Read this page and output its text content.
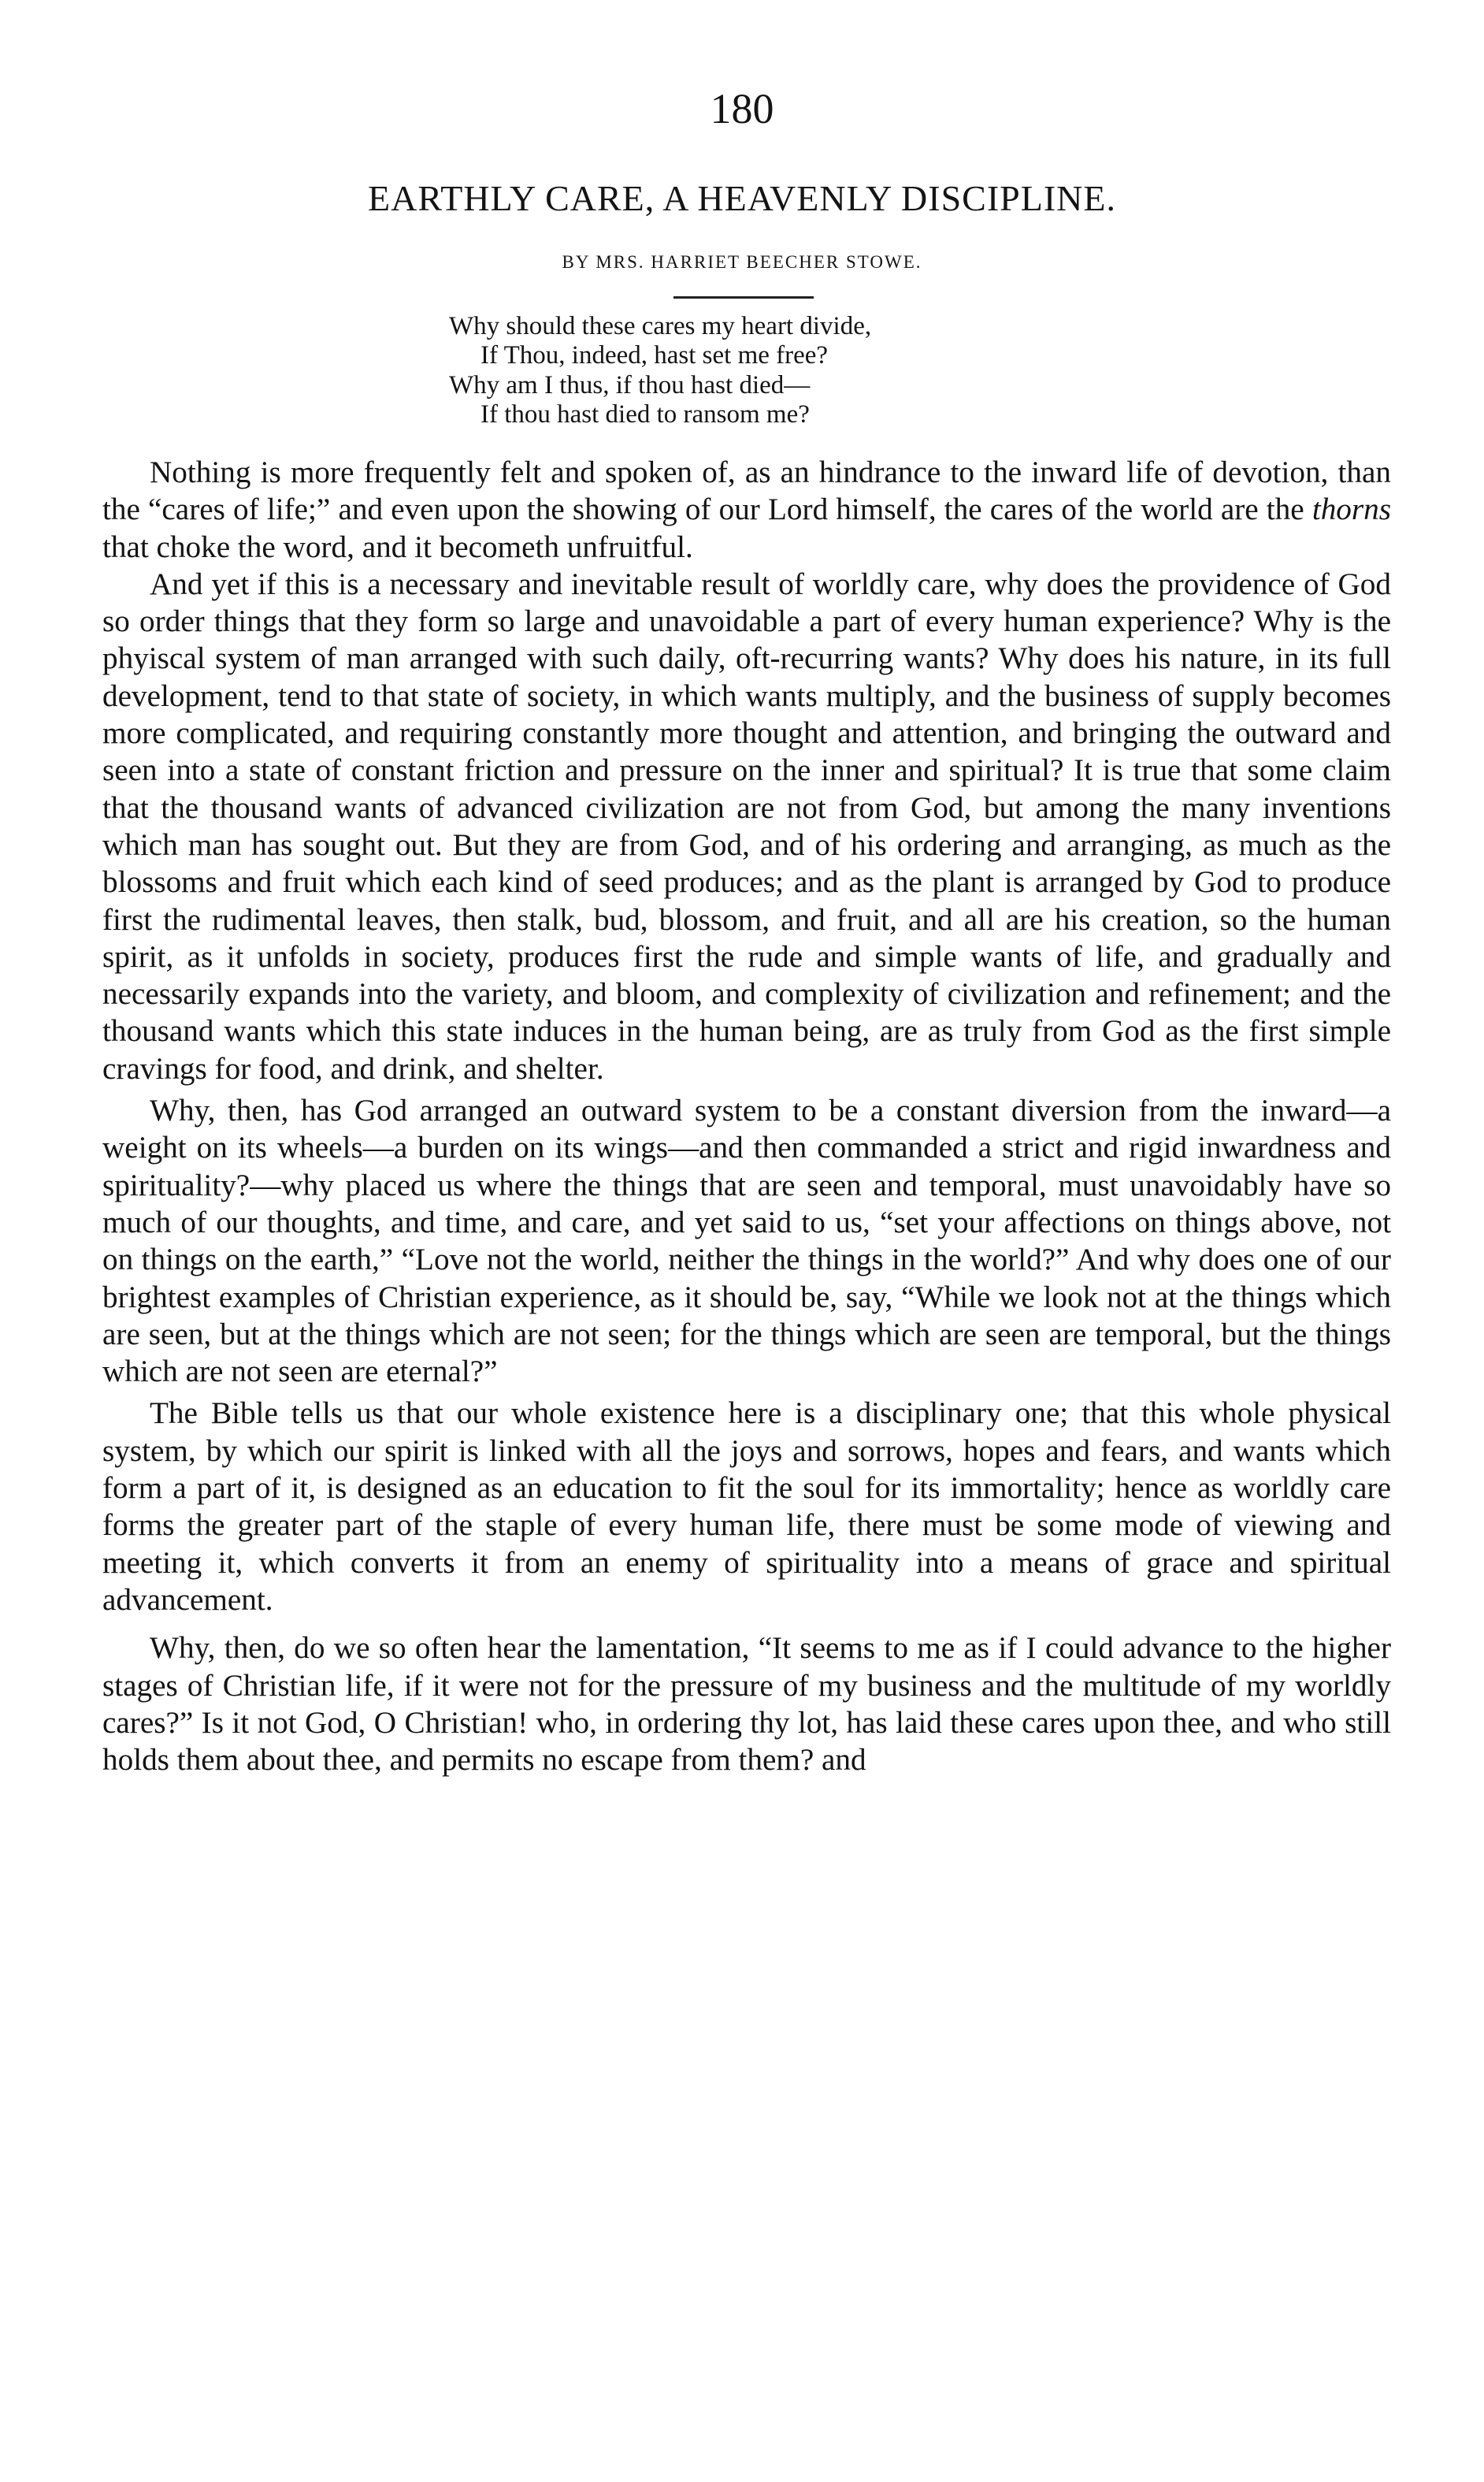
180
EARTHLY CARE, A HEAVENLY DISCIPLINE.
BY MRS. HARRIET BEECHER STOWE.
Why should these cares my heart divide,
If Thou, indeed, hast set me free?
Why am I thus, if thou hast died—
If thou hast died to ransom me?

Nothing is more frequently felt and spoken of, as an hindrance to the inward life of devotion, than the “cares of life;” and even upon the showing of our Lord himself, the cares of the world are the thorns that choke the word, and it becometh unfruitful.

And yet if this is a necessary and inevitable result of worldly care, why does the providence of God so order things that they form so large and unavoidable a part of every human experience? Why is the phyiscal system of man arranged with such daily, oft-recurring wants? Why does his nature, in its full development, tend to that state of society, in which wants multiply, and the business of supply becomes more complicated, and requiring constantly more thought and attention, and bringing the outward and seen into a state of constant friction and pressure on the inner and spiritual? It is true that some claim that the thousand wants of advanced civilization are not from God, but among the many inventions which man has sought out. But they are from God, and of his ordering and arranging, as much as the blossoms and fruit which each kind of seed produces; and as the plant is arranged by God to produce first the rudimental leaves, then stalk, bud, blossom, and fruit, and all are his creation, so the human spirit, as it unfolds in society, produces first the rude and simple wants of life, and gradually and necessarily expands into the variety, and bloom, and complexity of civilization and refinement; and the thousand wants which this state induces in the human being, are as truly from God as the first simple cravings for food, and drink, and shelter.

Why, then, has God arranged an outward system to be a constant diversion from the inward—a weight on its wheels—a burden on its wings—and then commanded a strict and rigid inwardness and spirituality?—why placed us where the things that are seen and temporal, must unavoidably have so much of our thoughts, and time, and care, and yet said to us, “set your affections on things above, not on things on the earth,” “Love not the world, neither the things in the world?” And why does one of our brightest examples of Christian experience, as it should be, say, “While we look not at the things which are seen, but at the things which are not seen; for the things which are seen are temporal, but the things which are not seen are eternal?”

The Bible tells us that our whole existence here is a disciplinary one; that this whole physical system, by which our spirit is linked with all the joys and sorrows, hopes and fears, and wants which form a part of it, is designed as an education to fit the soul for its immortality; hence as worldly care forms the greater part of the staple of every human life, there must be some mode of viewing and meeting it, which converts it from an enemy of spirituality into a means of grace and spiritual advancement.

Why, then, do we so often hear the lamentation, “It seems to me as if I could advance to the higher stages of Christian life, if it were not for the pressure of my business and the multitude of my worldly cares?” Is it not God, O Christian! who, in ordering thy lot, has laid these cares upon thee, and who still holds them about thee, and permits no escape from them? and
